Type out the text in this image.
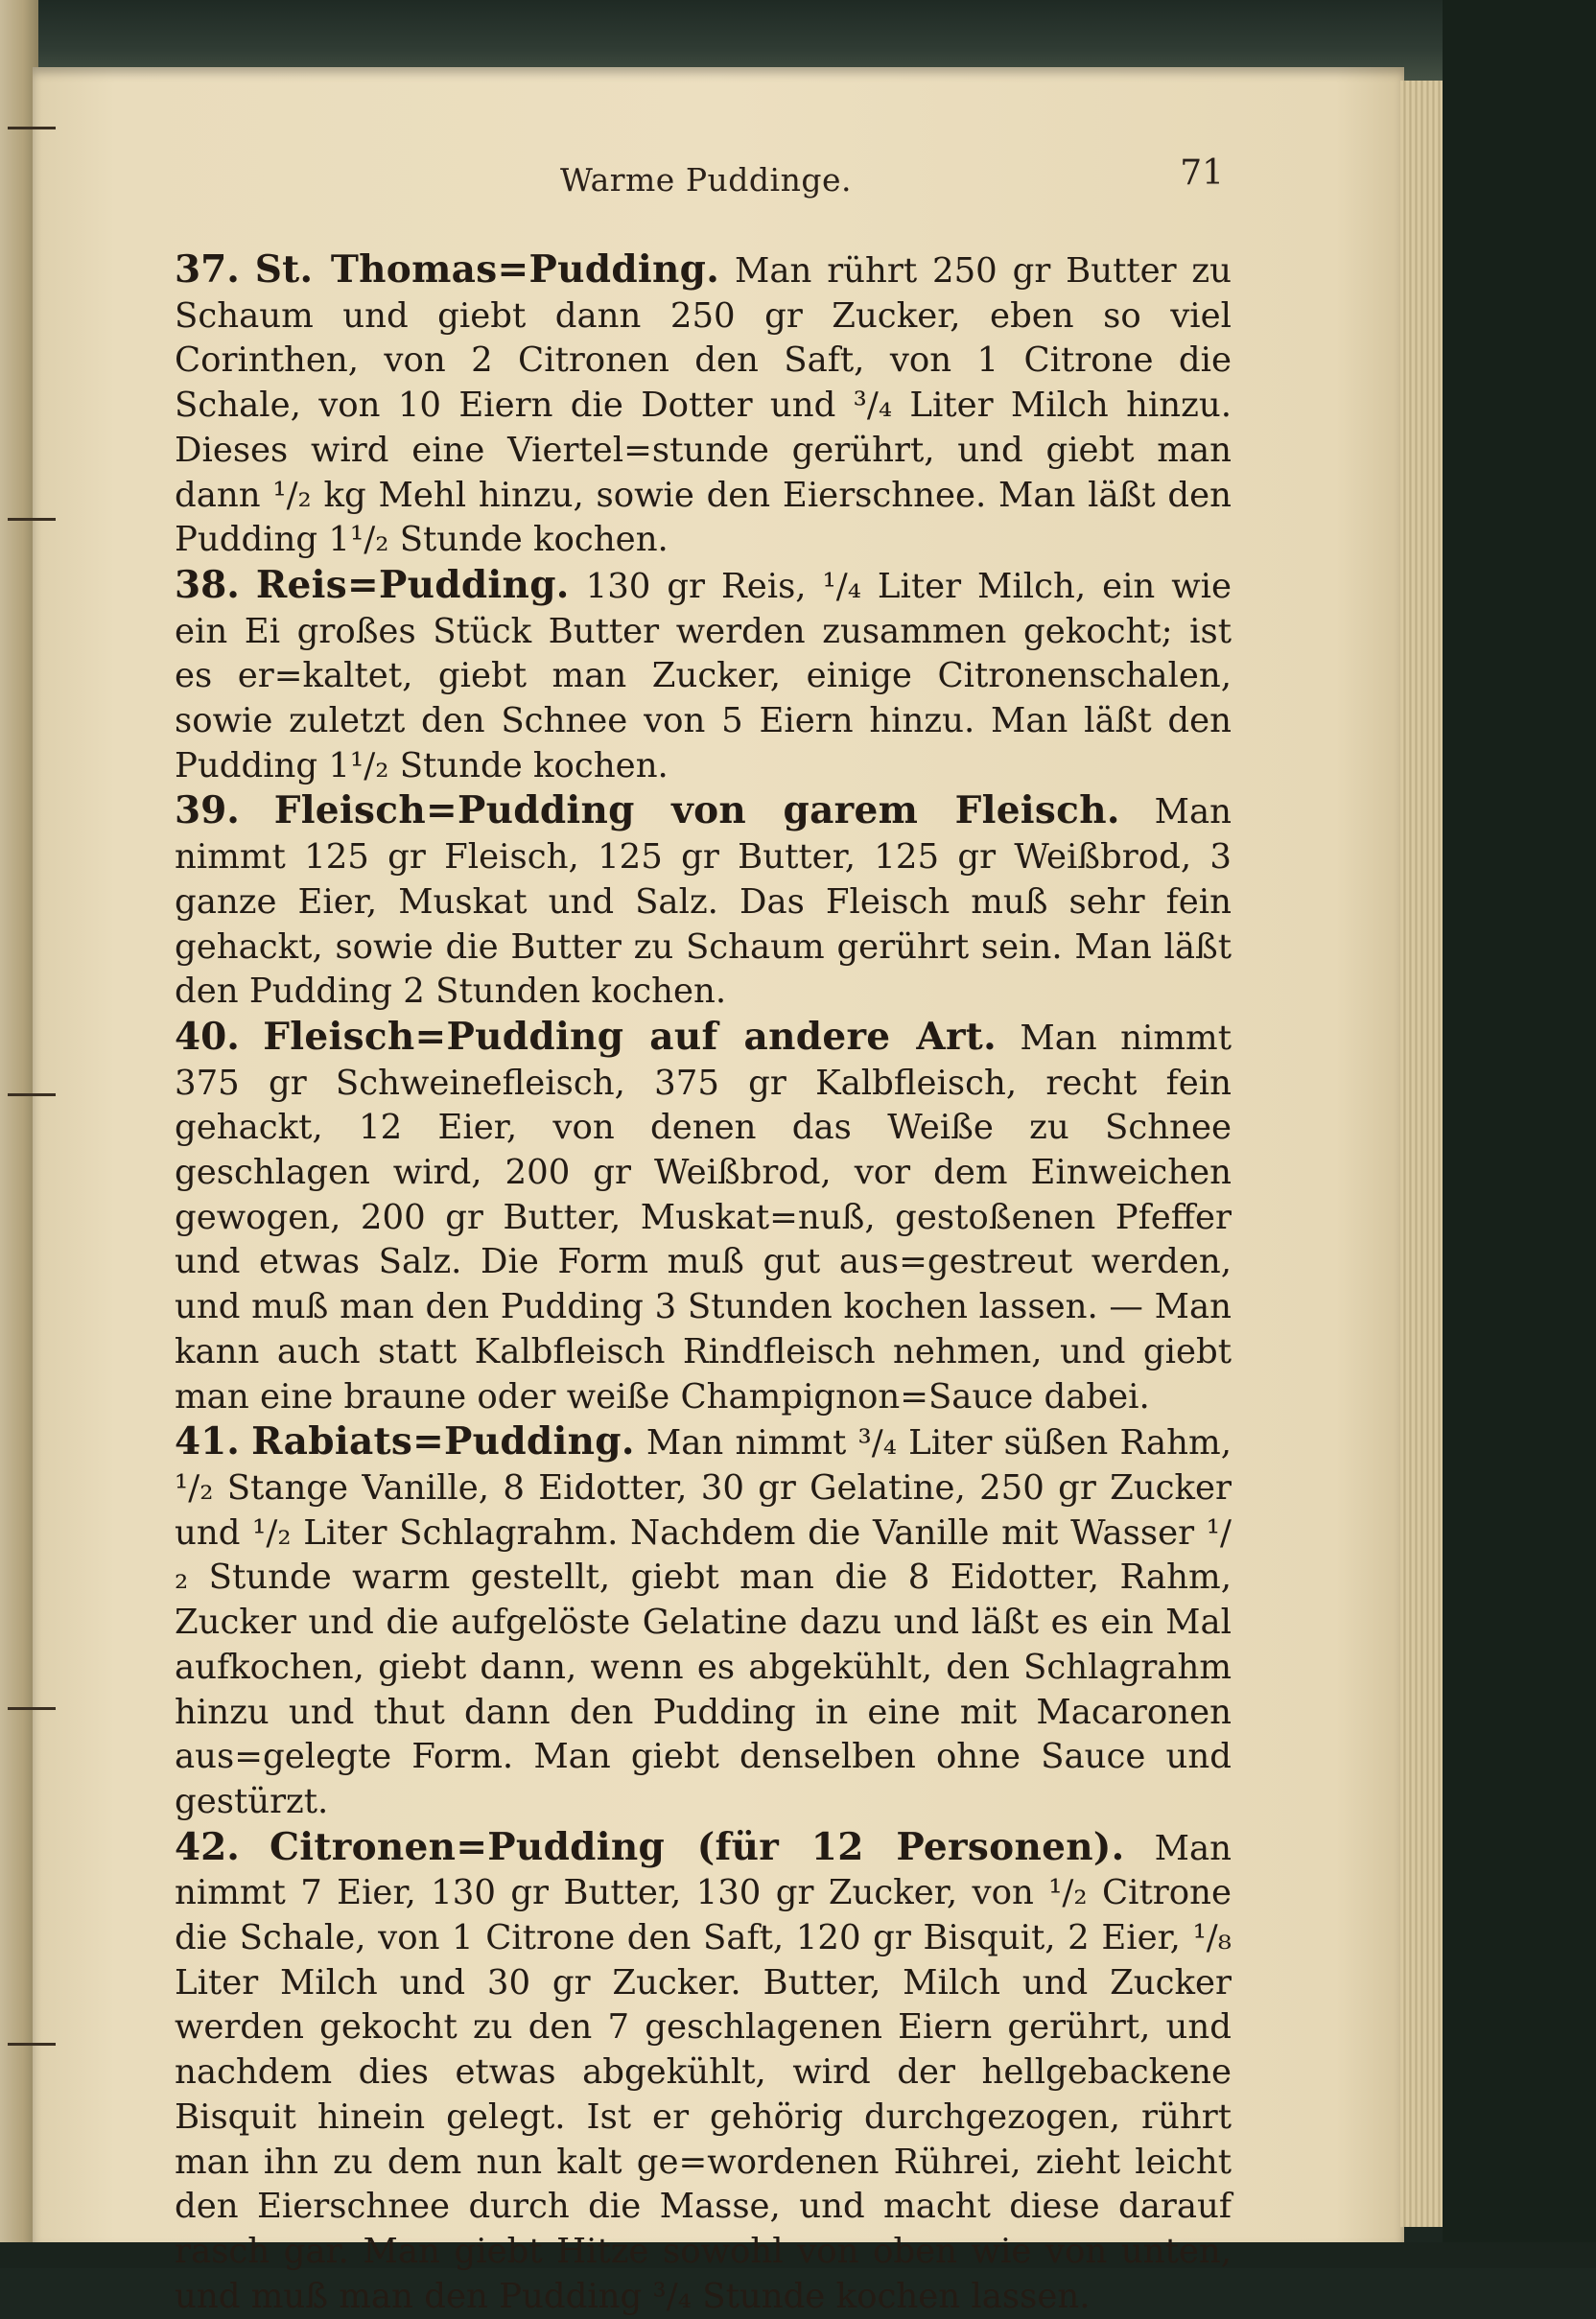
Warme Puddinge.	71

37. St. Thomas=Pudding. Man rührt 250 gr Butter zu Schaum und giebt dann 250 gr Zucker, eben so viel Corinthen, von 2 Citronen den Saft, von 1 Citrone die Schale, von 10 Eiern die Dotter und ³/₄ Liter Milch hinzu. Dieses wird eine Viertel=stunde gerührt, und giebt man dann ¹/₂ kg Mehl hinzu, sowie den Eierschnee. Man läßt den Pudding 1¹/₂ Stunde kochen.

38. Reis=Pudding. 130 gr Reis, ¹/₄ Liter Milch, ein wie ein Ei großes Stück Butter werden zusammen gekocht; ist es er=kaltet, giebt man Zucker, einige Citronenschalen, sowie zuletzt den Schnee von 5 Eiern hinzu. Man läßt den Pudding 1¹/₂ Stunde kochen.

39. Fleisch=Pudding von garem Fleisch. Man nimmt 125 gr Fleisch, 125 gr Butter, 125 gr Weißbrod, 3 ganze Eier, Muskat und Salz. Das Fleisch muß sehr fein gehackt, sowie die Butter zu Schaum gerührt sein. Man läßt den Pudding 2 Stunden kochen.

40. Fleisch=Pudding auf andere Art. Man nimmt 375 gr Schweinefleisch, 375 gr Kalbfleisch, recht fein gehackt, 12 Eier, von denen das Weiße zu Schnee geschlagen wird, 200 gr Weißbrod, vor dem Einweichen gewogen, 200 gr Butter, Muskat=nuß, gestoßenen Pfeffer und etwas Salz. Die Form muß gut aus=gestreut werden, und muß man den Pudding 3 Stunden kochen lassen. — Man kann auch statt Kalbfleisch Rindfleisch nehmen, und giebt man eine braune oder weiße Champignon=Sauce dabei.

41. Rabiats=Pudding. Man nimmt ³/₄ Liter süßen Rahm, ¹/₂ Stange Vanille, 8 Eidotter, 30 gr Gelatine, 250 gr Zucker und ¹/₂ Liter Schlagrahm. Nachdem die Vanille mit Wasser ¹/₂ Stunde warm gestellt, giebt man die 8 Eidotter, Rahm, Zucker und die aufgelöste Gelatine dazu und läßt es ein Mal aufkochen, giebt dann, wenn es abgekühlt, den Schlagrahm hinzu und thut dann den Pudding in eine mit Macaronen aus=gelegte Form. Man giebt denselben ohne Sauce und gestürzt.

42. Citronen=Pudding (für 12 Personen). Man nimmt 7 Eier, 130 gr Butter, 130 gr Zucker, von ¹/₂ Citrone die Schale, von 1 Citrone den Saft, 120 gr Bisquit, 2 Eier, ¹/₈ Liter Milch und 30 gr Zucker. Butter, Milch und Zucker werden gekocht zu den 7 geschlagenen Eiern gerührt, und nachdem dies etwas abgekühlt, wird der hellgebackene Bisquit hinein gelegt. Ist er gehörig durchgezogen, rührt man ihn zu dem nun kalt ge=wordenen Rührei, zieht leicht den Eierschnee durch die Masse, und macht diese darauf rasch gar. Man giebt Hitze sowohl von oben wie von unten, und muß man den Pudding ³/₄ Stunde kochen lassen.
